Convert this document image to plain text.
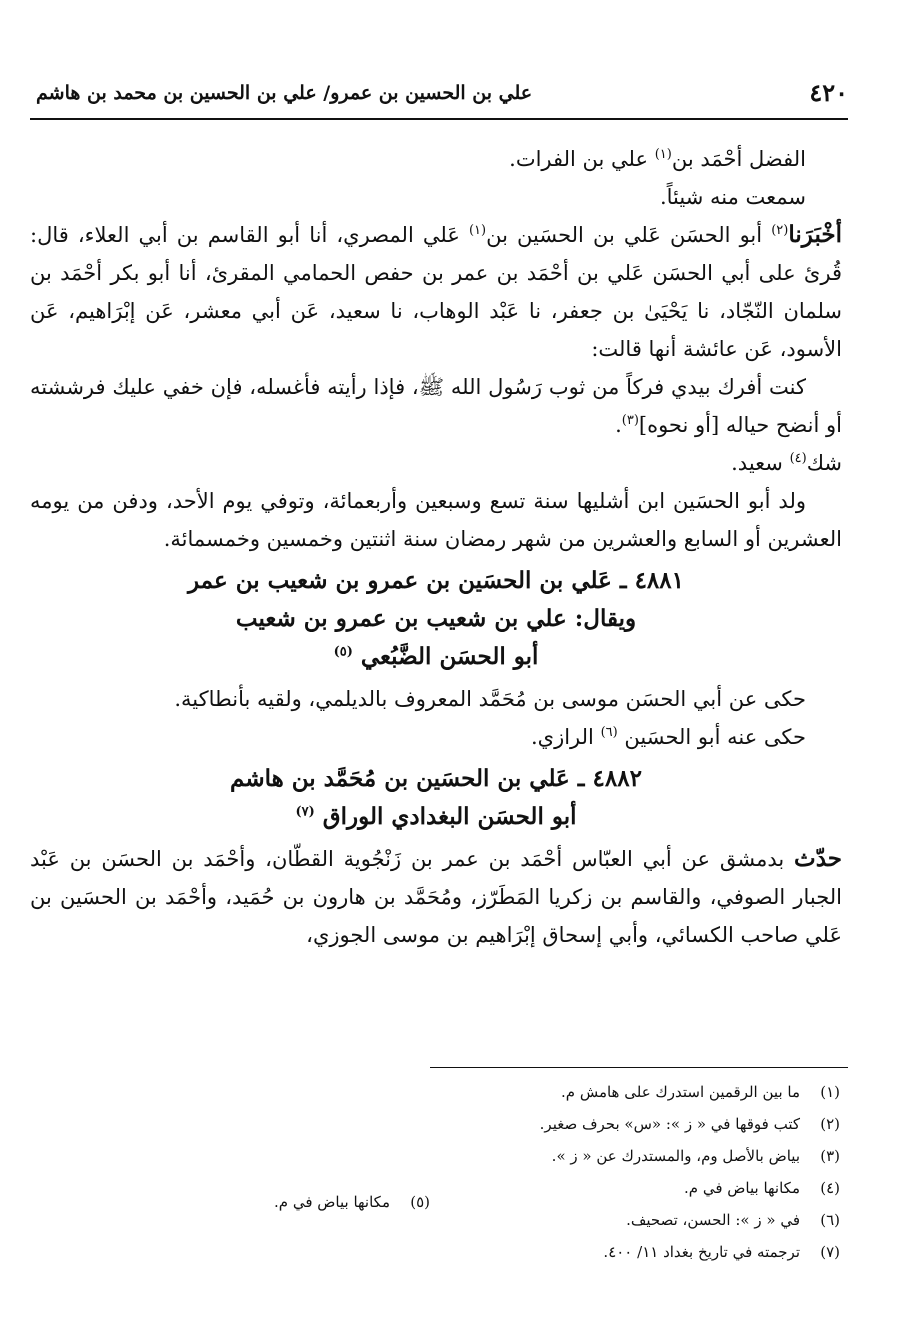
٤٢٠
علي بن الحسين بن عمرو/ علي بن الحسين بن محمد بن هاشم

الفضل أحْمَد بن$^{(١)}$ علي بن الفرات.

سمعت منه شيئاً.

أخْبَرَنا$^{(٢)}$ أبو الحسَن عَلي بن الحسَين بن$^{(١)}$ عَلي المصري، أنا أبو القاسم بن أبي العلاء، قال: قُرئ على أبي الحسَن عَلي بن أحْمَد بن عمر بن حفص الحمامي المقرئ، أنا أبو بكر أحْمَد بن سلمان النّجّاد، نا يَحْيَىٰ بن جعفر، نا عَبْد الوهاب، نا سعيد، عَن أبي معشر، عَن إبْرَاهيم، عَن الأسود، عَن عائشة أنها قالت:

كنت أفرك بيدي فركاً من ثوب رَسُول الله ﷺ، فإذا رأيته فأغسله، فإن خفي عليك فرششته أو أنضح حياله [أو نحوه]$^{(٣)}$.

شك$^{(٤)}$ سعيد.

ولد أبو الحسَين ابن أشليها سنة تسع وسبعين وأربعمائة، وتوفي يوم الأحد، ودفن من يومه العشرين أو السابع والعشرين من شهر رمضان سنة اثنتين وخمسين وخمسمائة.

٤٨٨١ ـ عَلي بن الحسَين بن عمرو بن شعيب بن عمر
ويقال: علي بن شعيب بن عمرو بن شعيب
أبو الحسَن الضَّبُعي $^{(٥)}$

حكى عن أبي الحسَن موسى بن مُحَمَّد المعروف بالديلمي، ولقيه بأنطاكية.

حكى عنه أبو الحسَين $^{(٦)}$ الرازي.

٤٨٨٢ ـ عَلي بن الحسَين بن مُحَمَّد بن هاشم
أبو الحسَن البغدادي الوراق $^{(٧)}$

حدّث بدمشق عن أبي العبّاس أحْمَد بن عمر بن زَنْجُوية القطّان، وأحْمَد بن الحسَن بن عَبْد الجبار الصوفي، والقاسم بن زكريا المَطَرّز، ومُحَمَّد بن هارون بن حُمَيد، وأحْمَد بن الحسَين بن عَلي صاحب الكسائي، وأبي إسحاق إبْرَاهيم بن موسى الجوزي،

(١)ما بين الرقمين استدرك على هامش م.
(٢)كتب فوقها في « ز »: «س» بحرف صغير.
(٣)بياض بالأصل وم، والمستدرك عن « ز ».
(٤)مكانها بياض في م.
(٦)في « ز »: الحسن، تصحيف.
(٧)ترجمته في تاريخ بغداد ١١/ ٤٠٠.
(٥)مكانها بياض في م.
